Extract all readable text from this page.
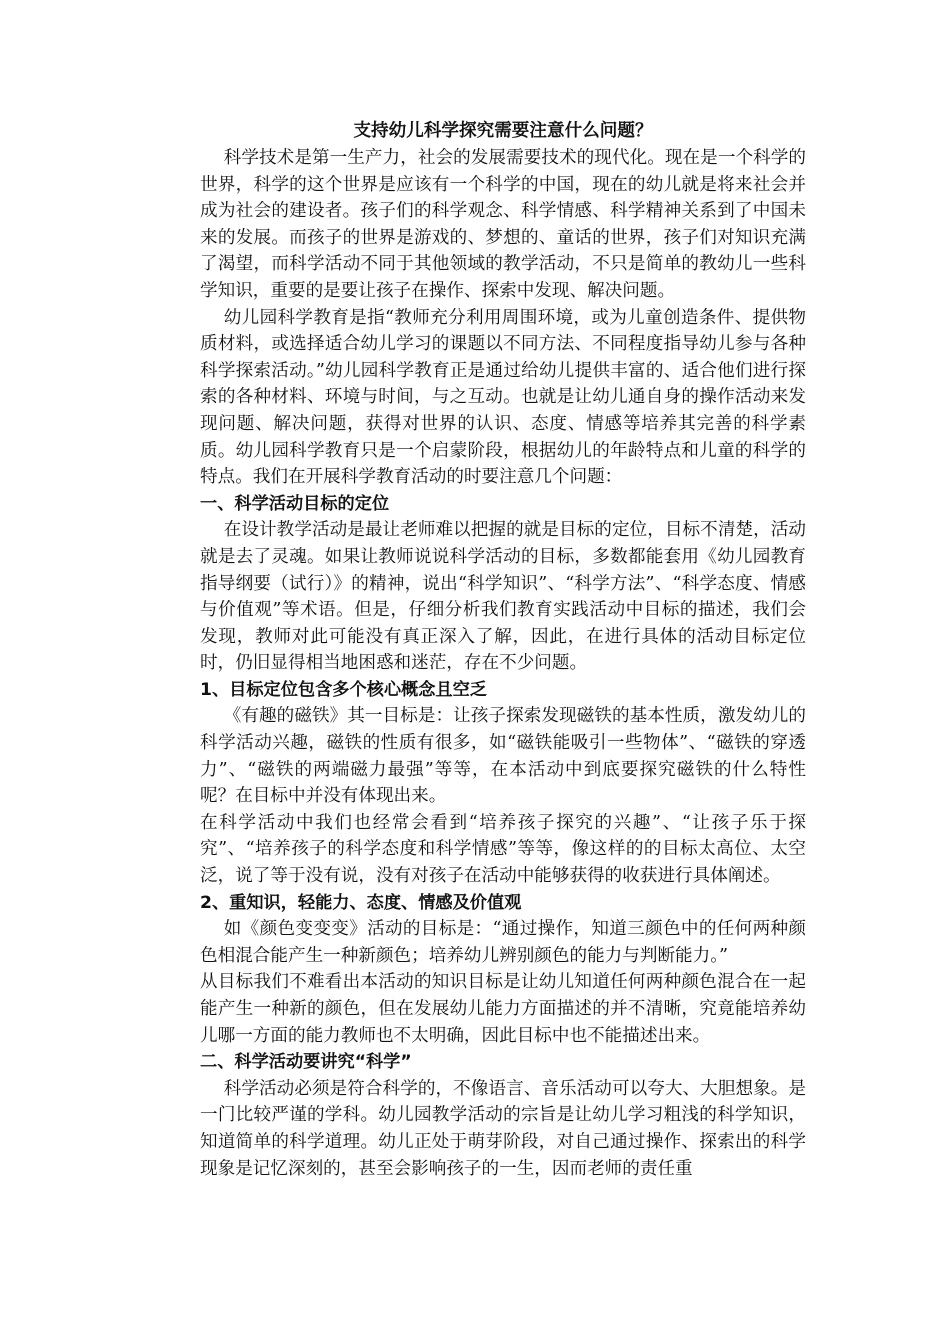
支持幼儿科学探究需要注意什么问题？

科学技术是第一生产力，社会的发展需要技术的现代化。现在是一个科学的世界，科学的这个世界是应该有一个科学的中国，现在的幼儿就是将来社会并成为社会的建设者。孩子们的科学观念、科学情感、科学精神关系到了中国未来的发展。而孩子的世界是游戏的、梦想的、童话的世界，孩子们对知识充满了渴望，而科学活动不同于其他领域的教学活动，不只是简单的教幼儿一些科学知识，重要的是要让孩子在操作、探索中发现、解决问题。

幼儿园科学教育是指“教师充分利用周围环境，或为儿童创造条件、提供物质材料，或选择适合幼儿学习的课题以不同方法、不同程度指导幼儿参与各种科学探索活动。”幼儿园科学教育正是通过给幼儿提供丰富的、适合他们进行探索的各种材料、环境与时间，与之互动。也就是让幼儿通自身的操作活动来发现问题、解决问题，获得对世界的认识、态度、情感等培养其完善的科学素质。幼儿园科学教育只是一个启蒙阶段，根据幼儿的年龄特点和儿童的科学的特点。我们在开展科学教育活动的时要注意几个问题：

一、科学活动目标的定位

在设计教学活动是最让老师难以把握的就是目标的定位，目标不清楚，活动就是去了灵魂。如果让教师说说科学活动的目标，多数都能套用《幼儿园教育指导纲要（试行）》的精神，说出“科学知识”、“科学方法”、“科学态度、情感与价值观”等术语。但是，仔细分析我们教育实践活动中目标的描述，我们会发现，教师对此可能没有真正深入了解，因此，在进行具体的活动目标定位时，仍旧显得相当地困惑和迷茫，存在不少问题。

1、目标定位包含多个核心概念且空乏

《有趣的磁铁》其一目标是：让孩子探索发现磁铁的基本性质，激发幼儿的科学活动兴趣，磁铁的性质有很多，如“磁铁能吸引一些物体”、“磁铁的穿透力”、“磁铁的两端磁力最强”等等，在本活动中到底要探究磁铁的什么特性呢？在目标中并没有体现出来。

在科学活动中我们也经常会看到“培养孩子探究的兴趣”、“让孩子乐于探究”、“培养孩子的科学态度和科学情感”等等，像这样的的目标太高位、太空泛，说了等于没有说，没有对孩子在活动中能够获得的收获进行具体阐述。

2、重知识，轻能力、态度、情感及价值观

如《颜色变变变》活动的目标是：“通过操作，知道三颜色中的任何两种颜色相混合能产生一种新颜色；培养幼儿辨别颜色的能力与判断能力。”

从目标我们不难看出本活动的知识目标是让幼儿知道任何两种颜色混合在一起能产生一种新的颜色，但在发展幼儿能力方面描述的并不清晰，究竟能培养幼儿哪一方面的能力教师也不太明确，因此目标中也不能描述出来。

二、科学活动要讲究“科学”

科学活动必须是符合科学的，不像语言、音乐活动可以夸大、大胆想象。是一门比较严谨的学科。幼儿园教学活动的宗旨是让幼儿学习粗浅的科学知识，知道简单的科学道理。幼儿正处于萌芽阶段，对自己通过操作、探索出的科学现象是记忆深刻的，甚至会影响孩子的一生，因而老师的责任重
